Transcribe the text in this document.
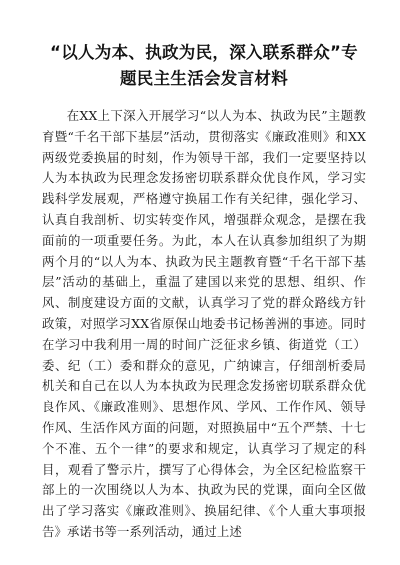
“以人为本、执政为民，深入联系群众”专
题民主生活会发言材料

在XX上下深入开展学习“以人为本、执政为民”主题教育暨“千名干部下基层”活动，贯彻落实《廉政准则》和XX两级党委换届的时刻，作为领导干部，我们一定要坚持以人为本执政为民理念发扬密切联系群众优良作风，学习实践科学发展观，严格遵守换届工作有关纪律，强化学习、认真自我剖析、切实转变作风，增强群众观念，是摆在我面前的一项重要任务。为此，本人在认真参加组织了为期两个月的“以人为本、执政为民主题教育暨“千名干部下基层”活动的基础上，重温了建国以来党的思想、组织、作风、制度建设方面的文献，认真学习了党的群众路线方针政策，对照学习XX省原保山地委书记杨善洲的事迹。同时在学习中我利用一周的时间广泛征求乡镇、街道党（工）委、纪（工）委和群众的意见，广纳谏言，仔细剖析委局机关和自己在以人为本执政为民理念发扬密切联系群众优良作风、《廉政准则》、思想作风、学风、工作作风、领导作风、生活作风方面的问题，对照换届中“五个严禁、十七个不准、五个一律”的要求和规定，认真学习了规定的科目，观看了警示片，撰写了心得体会，为全区纪检监察干部上的一次围绕以人为本、执政为民的党课，面向全区做出了学习落实《廉政准则》、换届纪律、《个人重大事项报告》承诺书等一系列活动，通过上述
